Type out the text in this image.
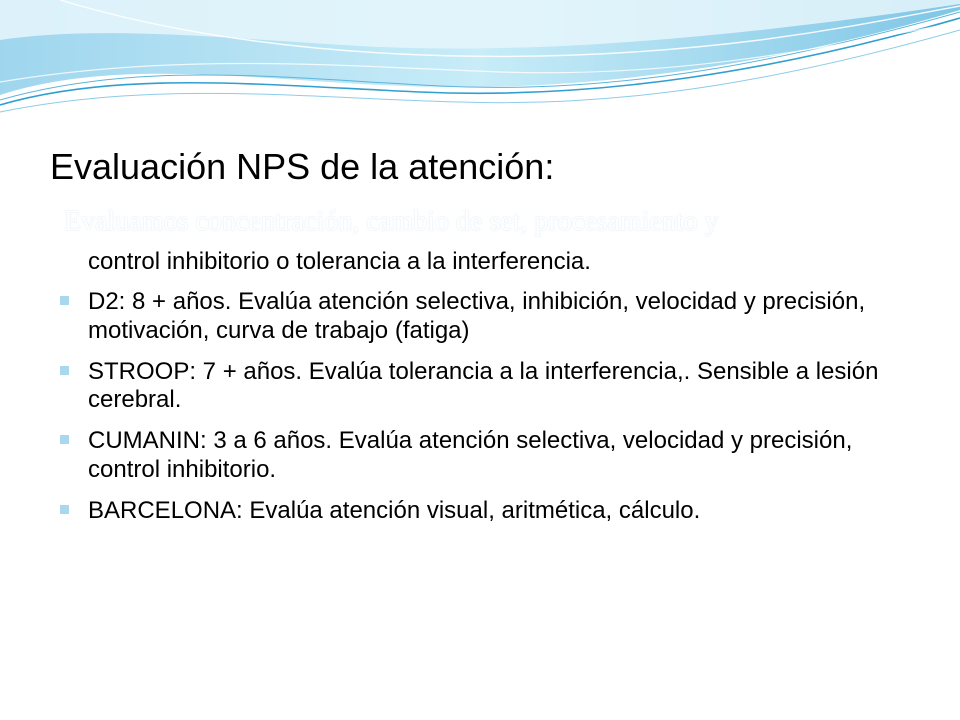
Evaluación NPS de la atención:
Evaluamos concentración, cambio de set, procesamiento y

control inhibitorio o tolerancia a la interferencia.

D2: 8 + años. Evalúa atención selectiva, inhibición, velocidad y precisión, motivación, curva de trabajo (fatiga)
STROOP: 7 + años. Evalúa tolerancia a la interferencia,. Sensible a lesión cerebral.
CUMANIN: 3 a 6 años. Evalúa atención selectiva, velocidad y precisión, control inhibitorio.
BARCELONA: Evalúa atención visual, aritmética, cálculo.
